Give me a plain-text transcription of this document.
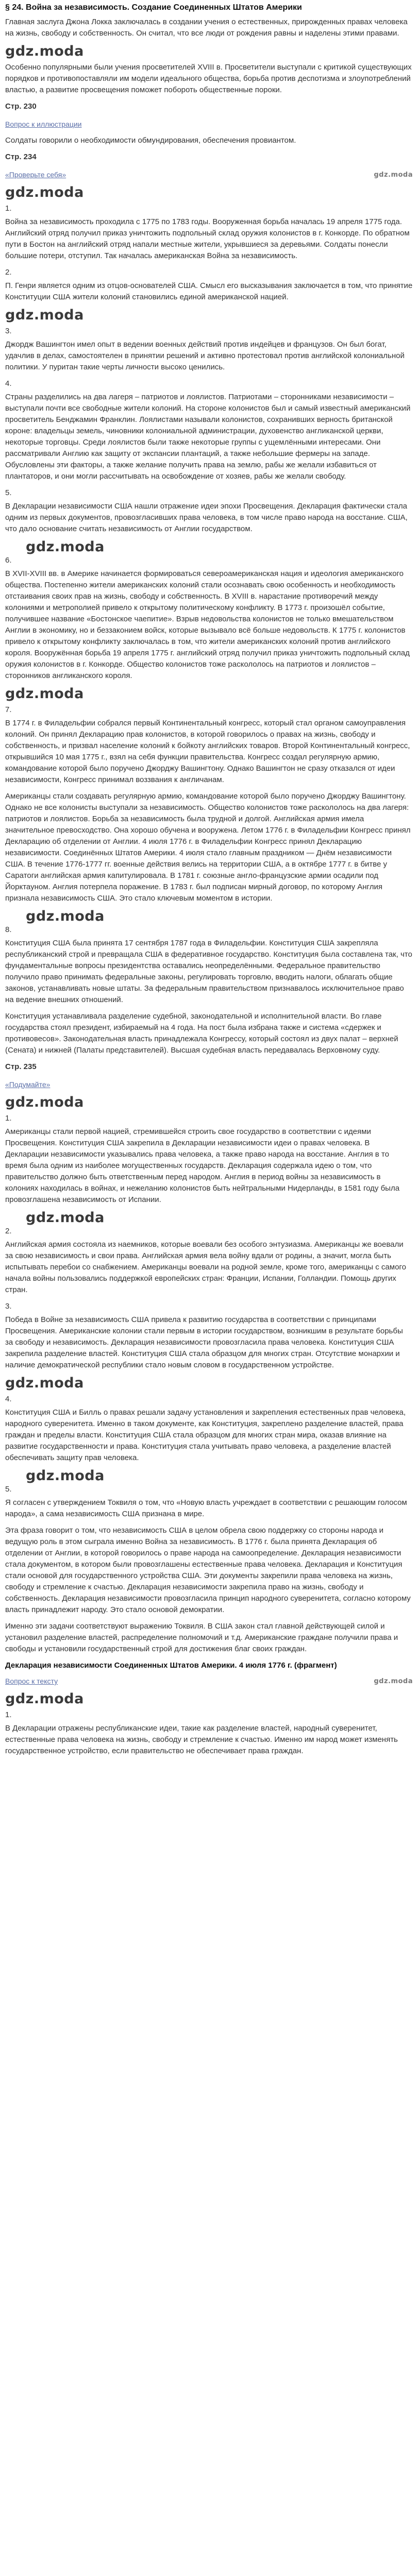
§ 24. Война за независимость. Создание Соединенных Штатов Америки

Главная заслуга Джона Локка заключалась в создании учения о естественных, прирожденных правах человека на жизнь, свободу и собственность. Он считал, что все люди от рождения равны и наделены этими правами.

gdz.moda

Особенно популярными были учения просветителей XVIII в. Просветители выступали с критикой существующих порядков и противопоставляли им модели идеального общества, борьба против деспотизма и злоупотреблений властью, а развитие просвещения поможет побороть общественные пороки.

Стр. 230
Вопрос к иллюстрации

Солдаты говорили о необходимости обмундирования, обеспечения провиантом.

Стр. 234
«Проверьте себя»	gdz.moda
gdz.moda
1.

Война за независимость проходила с 1775 по 1783 годы. Вооруженная борьба началась 19 апреля 1775 года. Английский отряд получил приказ уничтожить подпольный склад оружия колонистов в г. Конкорде. По обратном пути в Бостон на английский отряд напали местные жители, укрывшиеся за деревьями. Солдаты понесли большие потери, отступил. Так началась американская Война за независимость.

2.

П. Генри является одним из отцов-основателей США. Смысл его высказывания заключается в том, что принятие Конституции США жители колоний становились единой американской нацией.

gdz.moda
3.

Джордж Вашингтон имел опыт в ведении военных действий против индейцев и французов. Он был богат, удачлив в делах, самостоятелен в принятии решений и активно протестовал против английской колониальной политики. У пуритан такие черты личности высоко ценились.

4.

Страны разделились на два лагеря – патриотов и лоялистов. Патриотами – сторонниками независимости – выступали почти все свободные жители колоний. На стороне колонистов был и самый известный американский просветитель Бенджамин Франклин. Лоялистами называли колонистов, сохранивших верность британской короне: владельцы земель, чиновники колониальной администрации, духовенство англиканской церкви, некоторые торговцы. Среди лоялистов были также некоторые группы с ущемлёнными интересами. Они рассматривали Англию как защиту от экспансии плантаций, а также небольшие фермеры на западе. Обусловлены эти факторы, а также желание получить права на землю, рабы же желали избавиться от плантаторов, и они могли рассчитывать на освобождение от хозяев, рабы же желали свободу.

5.

В Декларации независимости США нашли отражение идеи эпохи Просвещения. Декларация фактически стала одним из первых документов, провозгласивших права человека, в том числе право народа на восстание. США, что дало основание считать независимость от Англии государством.

gdz.moda
6.

В XVII-XVIII вв. в Америке начинается формироваться североамериканская нация и идеология американского общества. Постепенно жители американских колоний стали осознавать свою особенность и необходимость отстаивания своих прав на жизнь, свободу и собственность. В XVIII в. нарастание противоречий между колониями и метрополией привело к открытому политическому конфликту. В 1773 г. произошёл событие, получившее название «Бостонское чаепитие». Взрыв недовольства колонистов не только вмешательством Англии в экономику, но и беззаконием войск, которые вызывало всё больше недовольств. К 1775 г. колонистов привело к открытому конфликту заключалась в том, что жители американских колоний против английского короля. Вооружённая борьба 19 апреля 1775 г. английский отряд получил приказ уничтожить подпольный склад оружия колонистов в г. Конкорде. Общество колонистов тоже раскололось на патриотов и лоялистов – сторонников англиканского короля.

gdz.moda
7.

В 1774 г. в Филадельфии собрался первый Континентальный конгресс, который стал органом самоуправления колоний. Он принял Декларацию прав колонистов, в которой говорилось о правах на жизнь, свободу и собственность, и призвал население колоний к бойкоту английских товаров. Второй Континентальный конгресс, открывшийся 10 мая 1775 г., взял на себя функции правительства. Конгресс создал регулярную армию, командование которой было поручено Джорджу Вашингтону. Однако Вашингтон не сразу отказался от идеи независимости, Конгресс принимал воззвания к англичанам.

Американцы стали создавать регулярную армию, командование которой было поручено Джорджу Вашингтону. Однако не все колонисты выступали за независимость. Общество колонистов тоже раскололось на два лагеря: патриотов и лоялистов. Борьба за независимость была трудной и долгой. Английская армия имела значительное превосходство. Она хорошо обучена и вооружена. Летом 1776 г. в Филадельфии Конгресс принял Декларацию об отделении от Англии. 4 июля 1776 г. в Филадельфии Конгресс принял Декларацию независимости. Соединённых Штатов Америки. 4 июля стало главным праздником — Днём независимости США. В течение 1776-1777 гг. военные действия велись на территории США, а в октябре 1777 г. в битве у Саратоги английская армия капитулировала. В 1781 г. союзные англо-французские армии осадили под Йорктауном. Англия потерпела поражение. В 1783 г. был подписан мирный договор, по которому Англия признала независимость США. Это стало ключевым моментом в истории.

gdz.moda
8.

Конституция США была принята 17 сентября 1787 года в Филадельфии. Конституция США закрепляла республиканский строй и превращала США в федеративное государство. Конституция была составлена так, что фундаментальные вопросы президентства оставались неопределёнными. Федеральное правительство получило право принимать федеральные законы, регулировать торговлю, вводить налоги, облагать общие законов, устанавливать новые штаты. За федеральным правительством признавалось исключительное право на ведение внешних отношений.

Конституция устанавливала разделение судебной, законодательной и исполнительной власти. Во главе государства стоял президент, избираемый на 4 года. На пост была избрана также и система «сдержек и противовесов». Законодательная власть принадлежала Конгрессу, который состоял из двух палат – верхней (Сената) и нижней (Палаты представителей). Высшая судебная власть передавалась Верховному суду.

Стр. 235
«Подумайте»
gdz.moda
1.

Американцы стали первой нацией, стремившейся строить свое государство в соответствии с идеями Просвещения. Конституция США закрепила в Декларации независимости идеи о правах человека. В Декларации независимости указывались права человека, а также право народа на восстание. Англия в то время была одним из наиболее могущественных государств. Декларация содержала идею о том, что правительство должно быть ответственным перед народом. Англия в период войны за независимость в колониях находилась в войнах, и нежеланию колонистов быть нейтральными Нидерланды, в 1581 году была провозглашена независимость от Испании.

gdz.moda
2.

Английская армия состояла из наемников, которые воевали без особого энтузиазма. Американцы же воевали за свою независимость и свои права. Английская армия вела войну вдали от родины, а значит, могла быть испытывать перебои со снабжением. Американцы воевали на родной земле, кроме того, американцы с самого начала войны пользовались поддержкой европейских стран: Франции, Испании, Голландии. Помощь других стран.

3.

Победа в Войне за независимость США привела к развитию государства в соответствии с принципами Просвещения. Американские колонии стали первым в истории государством, возникшим в результате борьбы за свободу и независимость. Декларация независимости провозгласила права человека. Конституция США закрепила разделение властей. Конституция США стала образцом для многих стран. Отсутствие монархии и наличие демократической республики стало новым словом в государственном устройстве.

gdz.moda
4.

Конституция США и Билль о правах решали задачу установления и закрепления естественных прав человека, народного суверенитета. Именно в таком документе, как Конституция, закреплено разделение властей, права граждан и пределы власти. Конституция США стала образцом для многих стран мира, оказав влияние на развитие государственности и права. Конституция стала учитывать право человека, а разделение властей обеспечивать защиту прав человека.

gdz.moda
5.

Я согласен с утверждением Токвиля о том, что «Новую власть учреждает в соответствии с решающим голосом народа», а сама независимость США признана в мире.

Эта фраза говорит о том, что независимость США в целом обрела свою поддержку со стороны народа и ведущую роль в этом сыграла именно Война за независимость. В 1776 г. была принята Декларация об отделении от Англии, в которой говорилось о праве народа на самоопределение. Декларация независимости стала документом, в котором были провозглашены естественные права человека. Декларация и Конституция стали основой для государственного устройства США. Эти документы закрепили права человека на жизнь, свободу и стремление к счастью. Декларация независимости закрепила право на жизнь, свободу и собственность. Декларация независимости провозгласила принцип народного суверенитета, согласно которому власть принадлежит народу. Это стало основой демократии.

Именно эти задачи соответствуют выражению Токвиля. В США закон стал главной действующей силой и установил разделение властей, распределение полномочий и т.д. Американские граждане получили права и свободы и установили государственный строй для достижения благ своих граждан.

Декларация независимости Соединенных Штатов Америки. 4 июля 1776 г. (фрагмент)
Вопрос к тексту	gdz.moda
gdz.moda
1.

В Декларации отражены республиканские идеи, такие как разделение властей, народный суверенитет, естественные права человека на жизнь, свободу и стремление к счастью. Именно им народ может изменять государственное устройство, если правительство не обеспечивает права граждан.
